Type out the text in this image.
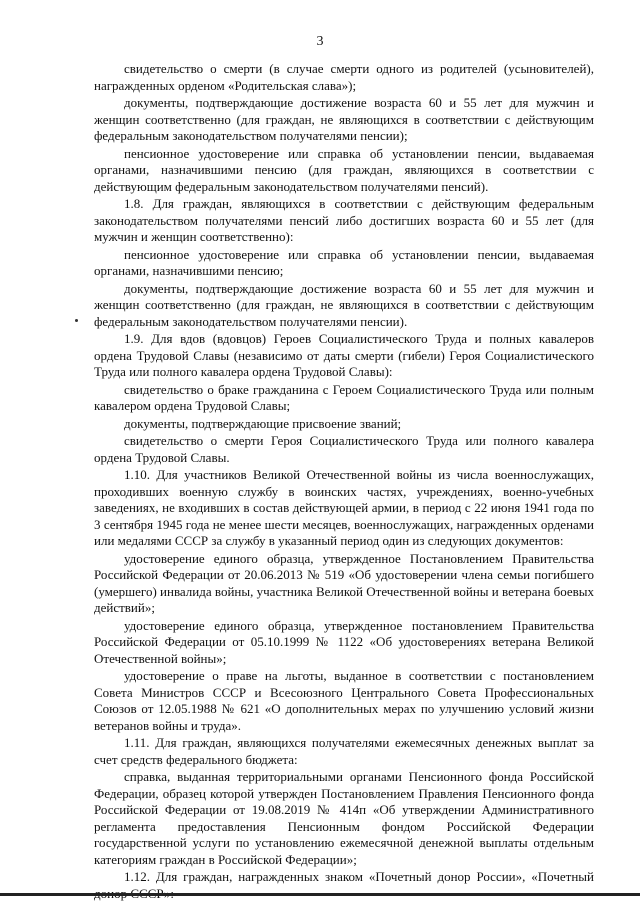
3

свидетельство о смерти (в случае смерти одного из родителей (усыновителей), награжденных орденом «Родительская слава»);

документы, подтверждающие достижение возраста 60 и 55 лет для мужчин и женщин соответственно (для граждан, не являющихся в соответствии с действующим федеральным законодательством получателями пенсии);

пенсионное удостоверение или справка об установлении пенсии, выдаваемая органами, назначившими пенсию (для граждан, являющихся в соответствии с действующим федеральным законодательством получателями пенсий).

1.8. Для граждан, являющихся в соответствии с действующим федеральным законодательством получателями пенсий либо достигших возраста 60 и 55 лет (для мужчин и женщин соответственно):

пенсионное удостоверение или справка об установлении пенсии, выдаваемая органами, назначившими пенсию;

документы, подтверждающие достижение возраста 60 и 55 лет для мужчин и женщин соответственно (для граждан, не являющихся в соответствии с действующим федеральным законодательством получателями пенсии).

1.9. Для вдов (вдовцов) Героев Социалистического Труда и полных кавалеров ордена Трудовой Славы (независимо от даты смерти (гибели) Героя Социалистического Труда или полного кавалера ордена Трудовой Славы):

свидетельство о браке гражданина с Героем Социалистического Труда или полным кавалером ордена Трудовой Славы;

документы, подтверждающие присвоение званий;

свидетельство о смерти Героя Социалистического Труда или полного кавалера ордена Трудовой Славы.

1.10. Для участников Великой Отечественной войны из числа военнослужащих, проходивших военную службу в воинских частях, учреждениях, военно-учебных заведениях, не входивших в состав действующей армии, в период с 22 июня 1941 года по 3 сентября 1945 года не менее шести месяцев, военнослужащих, награжденных орденами или медалями СССР за службу в указанный период один из следующих документов:

удостоверение единого образца, утвержденное Постановлением Правительства Российской Федерации от 20.06.2013 № 519 «Об удостоверении члена семьи погибшего (умершего) инвалида войны, участника Великой Отечественной войны и ветерана боевых действий»;

удостоверение единого образца, утвержденное постановлением Правительства Российской Федерации от 05.10.1999 № 1122 «Об удостоверениях ветерана Великой Отечественной войны»;

удостоверение о праве на льготы, выданное в соответствии с постановлением Совета Министров СССР и Всесоюзного Центрального Совета Профессиональных Союзов от 12.05.1988 № 621 «О дополнительных мерах по улучшению условий жизни ветеранов войны и труда».

1.11. Для граждан, являющихся получателями ежемесячных денежных выплат за счет средств федерального бюджета:

справка, выданная территориальными органами Пенсионного фонда Российской Федерации, образец которой утвержден Постановлением Правления Пенсионного фонда Российской Федерации от 19.08.2019 № 414п «Об утверждении Административного регламента предоставления Пенсионным фондом Российской Федерации государственной услуги по установлению ежемесячной денежной выплаты отдельным категориям граждан в Российской Федерации»;

1.12. Для граждан, награжденных знаком «Почетный донор России», «Почетный
